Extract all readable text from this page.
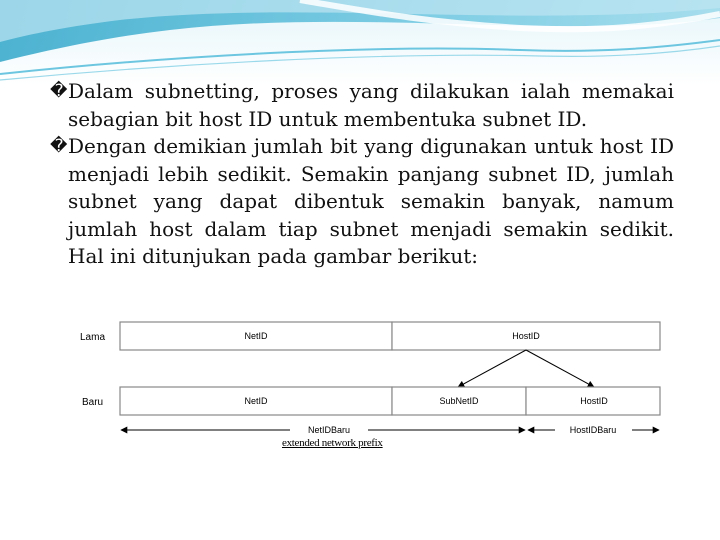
� Dalam subnetting, proses yang dilakukan ialah memakai sebagian bit host ID untuk membentuka subnet ID.

� Dengan demikian jumlah bit yang digunakan untuk host ID menjadi lebih sedikit. Semakin panjang subnet ID, jumlah subnet yang dapat dibentuk semakin banyak, namum jumlah host dalam tiap subnet menjadi semakin sedikit. Hal ini ditunjukan pada gambar berikut:

Lama	NetID	HostID
Baru	NetID	SubNetID	HostID
NetIDBaru	HostIDBaru
extended network prefix
